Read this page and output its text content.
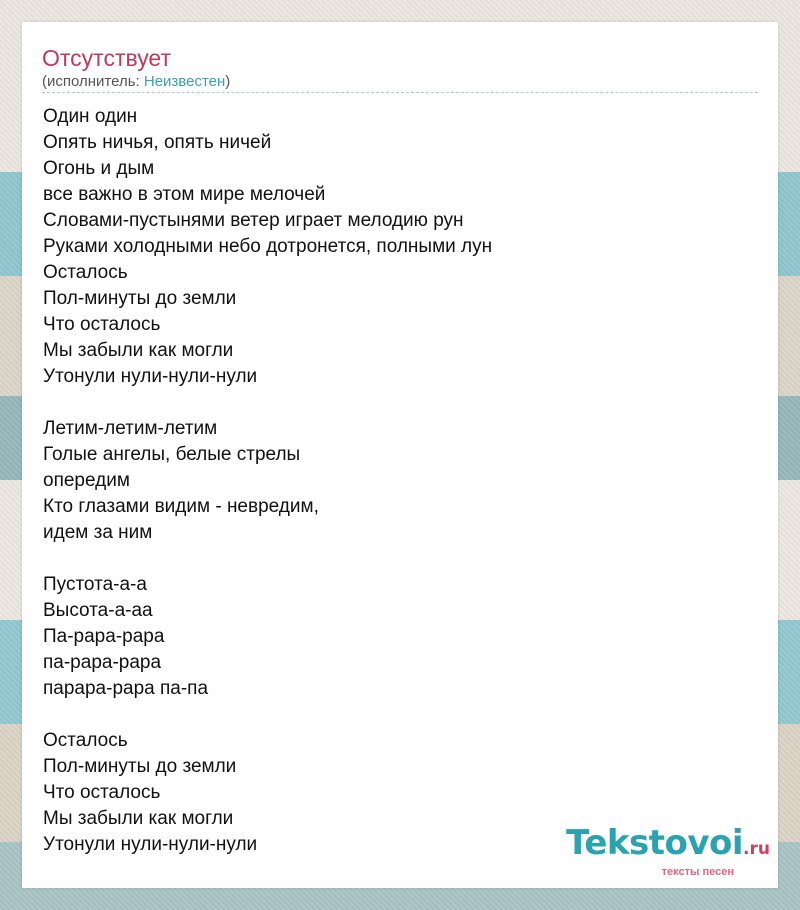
Отсутствует
(исполнитель: Неизвестен)
Один один
Опять ничья, опять ничей
Огонь и дым
все важно в этом мире мелочей
Словами-пустынями ветер играет мелодию рун
Руками холодными небо дотронется, полными лун
Осталось
Пол-минуты до земли
Что осталось
Мы забыли как могли
Утонули нули-нули-нули
Летим-летим-летим
Голые ангелы, белые стрелы
опередим
Кто глазами видим - невредим,
идем за ним
Пустота-а-а
Высота-а-аа
Па-рара-рара
па-рара-рара
парара-рара па-па
Осталось
Пол-минуты до земли
Что осталось
Мы забыли как могли
Утонули нули-нули-нули	Tekstovoi.ru
тексты песен
